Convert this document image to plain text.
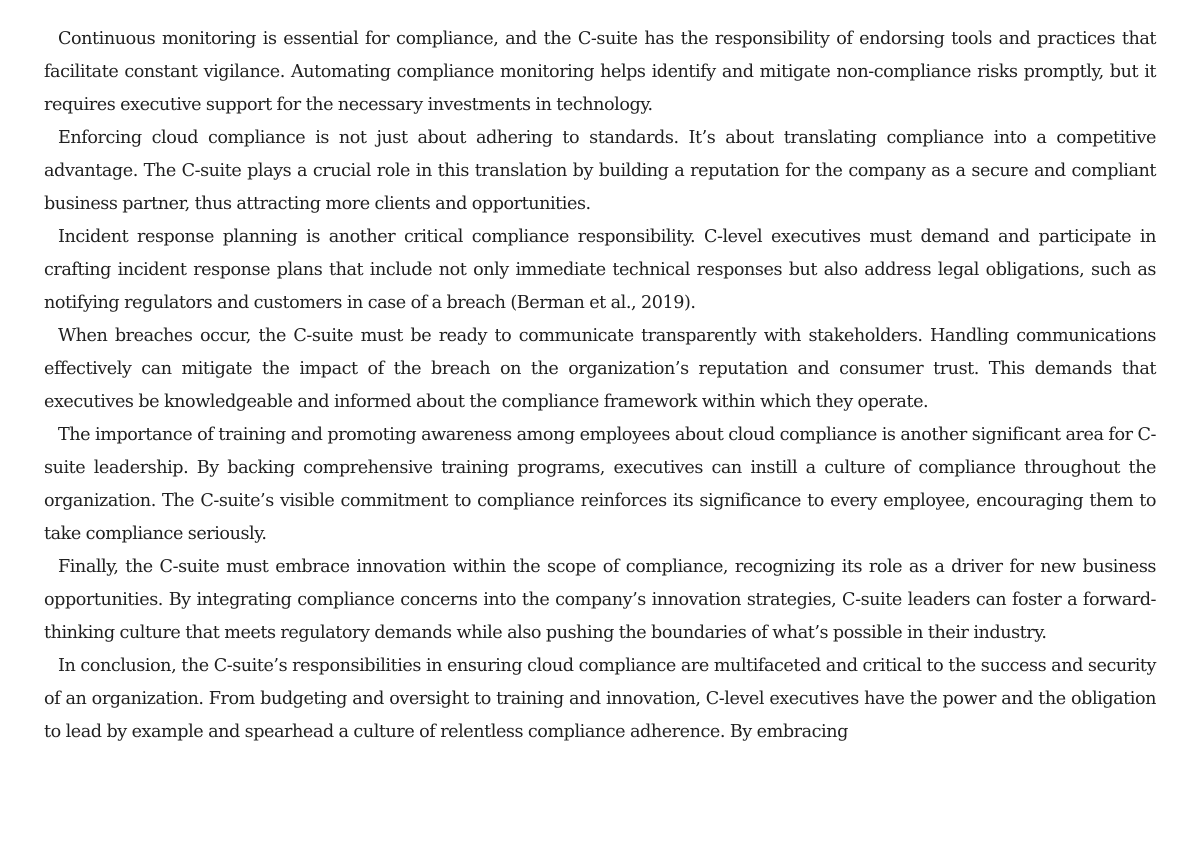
Continuous monitoring is essential for compliance, and the C-suite has the responsibility of endorsing tools and practices that facilitate constant vigilance. Automating compliance monitoring helps identify and mitigate non-compliance risks promptly, but it requires executive support for the necessary investments in technology.

Enforcing cloud compliance is not just about adhering to standards. It’s about translating compliance into a competitive advantage. The C-suite plays a crucial role in this translation by building a reputation for the company as a secure and compliant business partner, thus attracting more clients and opportunities.

Incident response planning is another critical compliance responsibility. C-level executives must demand and participate in crafting incident response plans that include not only immediate technical responses but also address legal obligations, such as notifying regulators and customers in case of a breach (Berman et al., 2019).

When breaches occur, the C-suite must be ready to communicate transparently with stakeholders. Handling communications effectively can mitigate the impact of the breach on the organization’s reputation and consumer trust. This demands that executives be knowledgeable and informed about the compliance framework within which they operate.

The importance of training and promoting awareness among employees about cloud compliance is another significant area for C-suite leadership. By backing comprehensive training programs, executives can instill a culture of compliance throughout the organization. The C-suite’s visible commitment to compliance reinforces its significance to every employee, encouraging them to take compliance seriously.

Finally, the C-suite must embrace innovation within the scope of compliance, recognizing its role as a driver for new business opportunities. By integrating compliance concerns into the company’s innovation strategies, C-suite leaders can foster a forward-thinking culture that meets regulatory demands while also pushing the boundaries of what’s possible in their industry.

In conclusion, the C-suite’s responsibilities in ensuring cloud compliance are multifaceted and critical to the success and security of an organization. From budgeting and oversight to training and innovation, C-level executives have the power and the obligation to lead by example and spearhead a culture of relentless compliance adherence. By embracing
